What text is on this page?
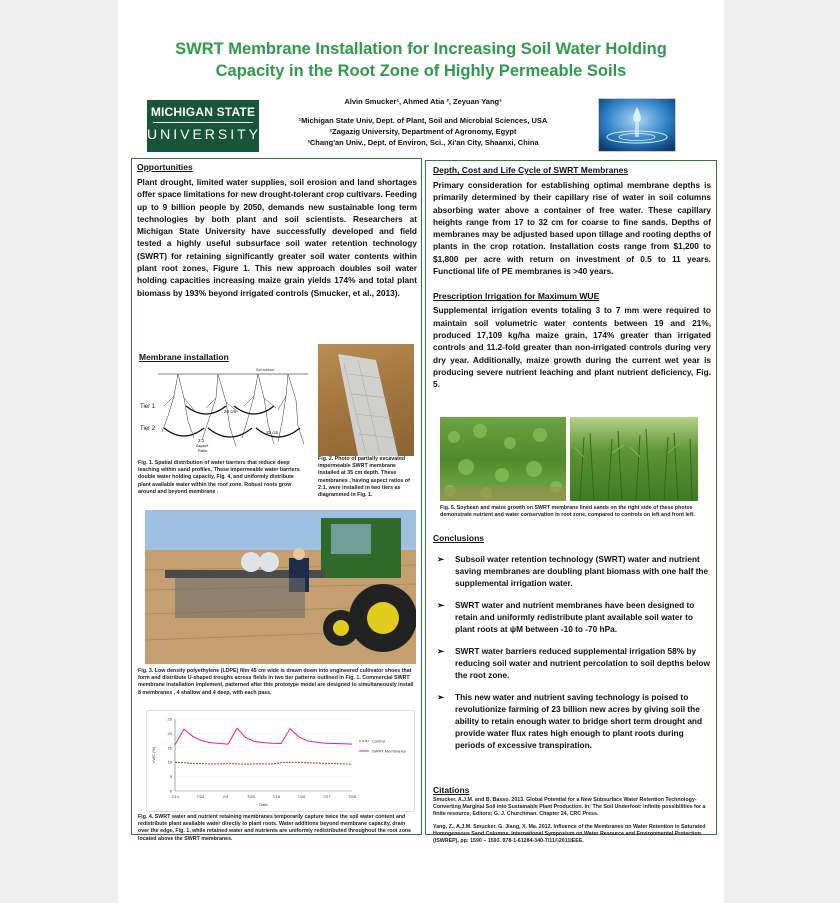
SWRT Membrane Installation for Increasing Soil Water Holding
Capacity in the Root Zone of Highly Permeable Soils
MICHIGAN STATE
UNIVERSITY
Alvin Smucker¹, Ahmed Atia ², Zeyuan Yang³
¹Michigan State Univ, Dept. of Plant, Soil and Microbial Sciences, USA
²Zagazig University, Department of Agronomy, Egypt
³Chang'an Univ., Dept. of Environ, Sci., Xi'an City, Shaanxi, China
Opportunities
Plant drought, limited water supplies, soil erosion and land shortages offer space limitations for new drought-tolerant crop cultivars. Feeding up to 9 billion people by 2050, demands new sustainable long term technologies by both plant and soil scientists. Researchers at Michigan State University have successfully developed and field tested a highly useful subsurface soil water retention technology (SWRT) for retaining significantly greater soil water contents within plant root zones, Figure 1. This new approach doubles soil water holding capacities increasing maize grain yields 174% and total plant biomass by 193% beyond irrigated controls (Smucker, et al., 2013).
Membrane installation
Soil surface
Tier 1
Tier 2
20 cm
35 cm
2:1
Aspect
Ratio
Fig. 1. Spatial distribution of water barriers that reduce deep leaching within sand profiles. These impermeable water barriers double water holding capacity, Fig. 4, and uniformly distribute plant available water within the root zone. Robust roots grow around and beyond membrane .
Fig. 2. Photo of partially excavated impermeable SWRT membrane installed at 35 cm depth. These membranes , having aspect ratios of 2:1, were installed in two tiers as diagrammed in Fig. 1.
Fig. 3. Low density polyethylene (LDPE) film 45 cm wide is drawn down into engineered cultivator shoes that form and distribute U-shaped troughs across fields in two tier patterns outlined in Fig. 1. Commercial SWRT membrane installation implement, patterned after this prototype model are designed to simultaneously install 8 membranes , 4 shallow and 4 deep, with each pass.
25
20
15
10
5
0
7/14	7/24	7/4	7/25	7/16	7/26	7/27	7/28
VWC (%)
Date
Control
SWRT Membranes
Fig. 4. SWRT water and nutrient retaining membranes temporarily capture twice the soil water content and redistribute plant available water directly to plant roots. Water additions beyond membrane capacity, drain over the edge, Fig. 1, while retained water and nutrients are uniformly redistributed throughout the root zone located above the SWRT membranes.
Depth, Cost and Life Cycle of SWRT Membranes
Primary consideration for establishing optimal membrane depths is primarily determined by their capillary rise of water in soil columns absorbing water above a container of free water. These capillary heights range from 17 to 32 cm for coarse to fine sands. Depths of membranes may be adjusted based upon tillage and rooting depths of plants in the crop rotation. Installation costs range from $1,200 to $1,800 per acre with return on investment of 0.5 to 11 years. Functional life of PE membranes is >40 years.
Prescription Irrigation for Maximum WUE
Supplemental irrigation events totaling 3 to 7 mm were required to maintain soil volumetric water contents between 19 and 21%, produced 17,109 kg/ha maize grain, 174% greater than irrigated controls and 11.2-fold greater than non-irrigated controls during very dry year. Additionally, maize growth during the current wet year is producing severe nutrient leaching and plant nutrient deficiency, Fig. 5.
Fig. 5. Soybean and maize growth on SWRT membrane lined sands on the right side of these photos demonstrate nutrient and water conservation in root zone, compared to controls on left and front left.
Conclusions
➢ Subsoil water retention technology (SWRT) water and nutrient saving membranes are doubling plant biomass with one half the supplemental irrigation water.
➢ SWRT water and nutrient membranes have been designed to retain and uniformly redistribute plant available soil water to plant roots at ψM between -10 to -70 hPa.
➢ SWRT water barriers reduced supplemental irrigation 58% by reducing soil water and nutrient percolation to soil depths below the root zone.
➢ This new water and nutrient saving technology is poised to revolutionize farming of 23 billion new acres by giving soil the ability to retain enough water to bridge short term drought and provide water flux rates high enough to plant roots during periods of excessive transpiration.
Citations
Smucker, A.J.M. and B. Basso. 2013. Global Potential for a New Subsurface Water Retention Technology-Converting Marginal Soil into Sustainable Plant Production. In: The Soil Underfoot: infinite possibilities for a finite resource, Editors; G. J. Churchman. Chapter 24, CRC Press.
Yang, Z., A.J.M. Smucker, G. Jiang, X. Ma. 2012. Influence of the Membranes on Water Retention in Saturated Homogeneous Sand Columns. International Symposium on Water Resource and Environmental Protection (ISWREP), pp: 1590 – 1593. 978-1-61284-340-7/11©2011IEEE.
